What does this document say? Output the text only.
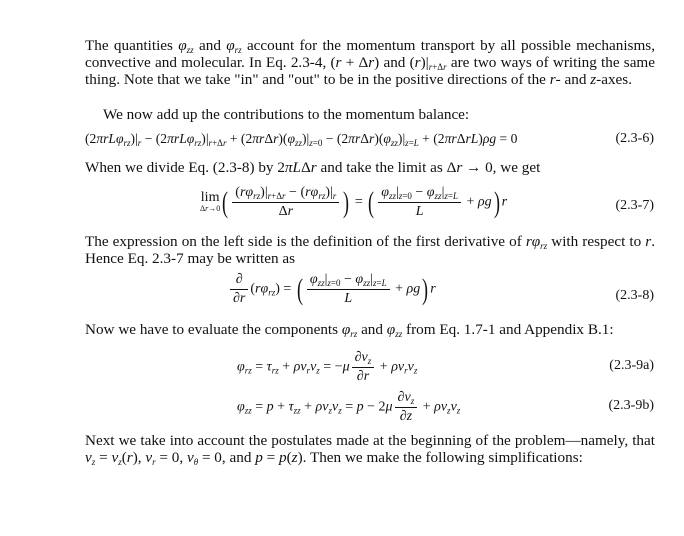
The quantities $\varphi_{zz}$ and $\varphi_{rz}$ account for the momentum transport by all possible mechanisms, convective and molecular. In Eq. 2.3-4, (r + Δr) and $(r)|_{r+\Delta r}$ are two ways of writing the same thing. Note that we take "in" and "out" to be in the positive directions of the r- and z-axes.
We now add up the contributions to the momentum balance:
$(2\pi rL\varphi_{rz})|_r - (2\pi rL\varphi_{rz})|_{r+\Delta r} + (2\pi r\Delta r)(\varphi_{zz})|_{z=0} - (2\pi r\Delta r)(\varphi_{zz})|_{z=L} + (2\pi r\Delta rL)\rho g = 0$	(2.3-6)
When we divide Eq. (2.3-8) by 2πLΔr and take the limit as Δr → 0, we get
lim
Δr→0 ( $\frac{(r\varphi_{rz})|_{r+\Delta r} - (r\varphi_{rz})|_r}{\Delta r}$ ) = ( $\frac{\varphi_{zz}|_{z=0} - \varphi_{zz}|_{z=L}}{L} + \rho g$) r	(2.3-7)
The expression on the left side is the definition of the first derivative of $r\varphi_{rz}$ with respect to r. Hence Eq. 2.3-7 may be written as
$\frac{\partial}{\partial r} (r\varphi_{rz})$ = ( $\frac{\varphi_{zz}|_{z=0} - \varphi_{zz}|_{z=L}}{L} + \rho g$) r	(2.3-8)
Now we have to evaluate the components $\varphi_{rz}$ and $\varphi_{zz}$ from Eq. 1.7-1 and Appendix B.1:
$\varphi_{rz} = \tau_{rz} + \rho v_rv_z = -\mu \frac{\partial v_z}{\partial r} + \rho v_rv_z$	(2.3-9a)
$\varphi_{zz} = p + \tau_{zz} + \rho v_zv_z = p - 2\mu \frac{\partial v_z}{\partial z} + \rho v_zv_z$	(2.3-9b)
Next we take into account the postulates made at the beginning of the problem—namely, that $v_z = v_z(r)$, $v_r = 0$, $v_\theta = 0$, and p = p(z). Then we make the following simplifications:
